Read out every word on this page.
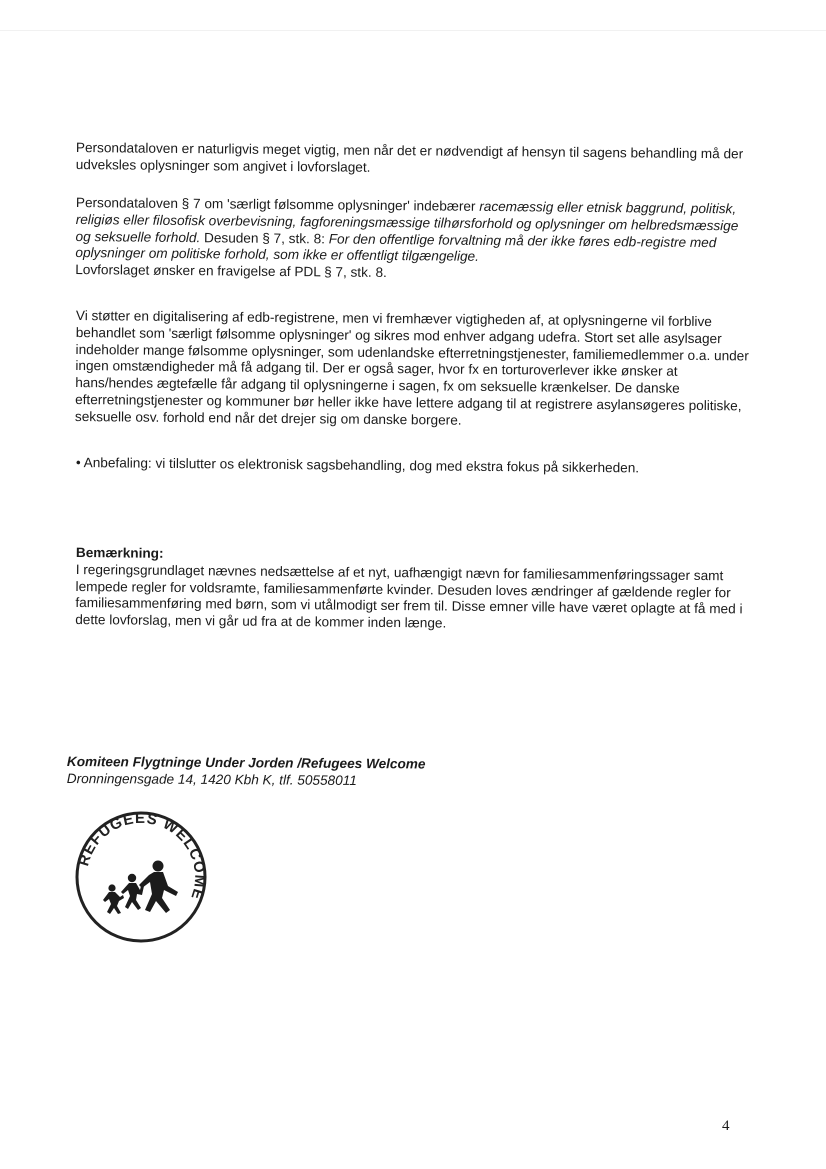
Persondataloven er naturligvis meget vigtig, men når det er nødvendigt af hensyn til sagens behandling må der udveksles oplysninger som angivet i lovforslaget.

Persondataloven § 7 om 'særligt følsomme oplysninger' indebærer racemæssig eller etnisk baggrund, politisk, religiøs eller filosofisk overbevisning, fagforeningsmæssige tilhørsforhold og oplysninger om helbredsmæssige og seksuelle forhold. Desuden § 7, stk. 8: For den offentlige forvaltning må der ikke føres edb-registre med oplysninger om politiske forhold, som ikke er offentligt tilgængelige.
Lovforslaget ønsker en fravigelse af PDL § 7, stk. 8.

Vi støtter en digitalisering af edb-registrene, men vi fremhæver vigtigheden af, at oplysningerne vil forblive behandlet som 'særligt følsomme oplysninger' og sikres mod enhver adgang udefra. Stort set alle asylsager indeholder mange følsomme oplysninger, som udenlandske efterretningstjenester, familiemedlemmer o.a. under ingen omstændigheder må få adgang til. Der er også sager, hvor fx en torturoverlever ikke ønsker at hans/hendes ægtefælle får adgang til oplysningerne i sagen, fx om seksuelle krænkelser. De danske efterretningstjenester og kommuner bør heller ikke have lettere adgang til at registrere asylansøgeres politiske, seksuelle osv. forhold end når det drejer sig om danske borgere.

• Anbefaling: vi tilslutter os elektronisk sagsbehandling, dog med ekstra fokus på sikkerheden.

Bemærkning:

I regeringsgrundlaget nævnes nedsættelse af et nyt, uafhængigt nævn for familiesammenføringssager samt lempede regler for voldsramte, familiesammenførte kvinder. Desuden loves ændringer af gældende regler for familiesammenføring med børn, som vi utålmodigt ser frem til. Disse emner ville have været oplagte at få med i dette lovforslag, men vi går ud fra at de kommer inden længe.

Komiteen Flygtninge Under Jorden /Refugees Welcome
Dronningensgade 14, 1420 Kbh K, tlf. 50558011
REFUGEES WELCOME
4
